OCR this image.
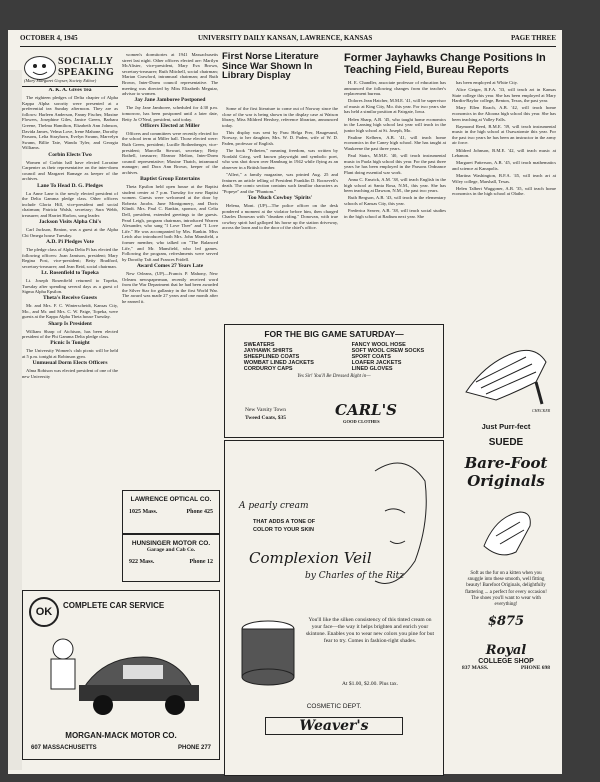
OCTOBER 4, 1945	UNIVERSITY DAILY KANSAN, LAWRENCE, KANSAS	PAGE THREE
SOCIALLY SPEAKING
(Mary Margaret Goyser, Society Editor)

A. K. A. Gives Tea

The eighteen pledges of Delta chapter of Alpha Kappa Alpha sorority were presented at a preferential tea Sunday afternoon. They are as follows: Harleen Anderson, Fanny Fischer, Maxine Flowers, Josephine Giles, Janice Green, Barbara Greene, Thelma Hamilton, Elizabeth Ann Johnson, Davida James, Velma Love, Irene Mahone, Dorothy Parsons, Lelia Strayhorn, Evelyn Swann, Marvelyn Swann, Billie Tate, Wanda Tyler, and Georgia Williams.

Corbin Elects Two

Women of Corbin hall have elected Lorraine Carpenter as their representative on the inter-dorm council and Margaret Ramage as keeper of the archives.

Lane To Head D. G. Pledges

Lu Anne Lane is the newly elected president of the Delta Gamma pledge class. Other officers include Gloria Hill, vice-president and social chairman; Patricia Walsh, secretary; Sara Webb, treasurer; and Harriet Harlow, song leader.

Jackson Visits Alpha Chi's

Carl Jackson, Beaton, was a guest at the Alpha Chi Omega house Tuesday.

A.D. Pi Pledges Vote

The pledge class of Alpha Delta Pi has elected the following officers: Joan Jamison, president; Mary Regina Post, vice-president; Betty Bradford, secretary-treasurer; and Jean Reid, social chairman.

Lt. Rosenfield to Topeka

Lt. Joseph Rosenfield returned to Topeka, Tuesday after spending several days as a guest of Sigma Alpha Epsilon.

Theta's Receive Guests

Mr. and Mrs. F. C. Winterscheidt, Kansas City, Mo., and Mr. and Mrs. C. W. Paige, Topeka, were guests at the Kappa Alpha Theta house Tuesday.

Sharp Is President

William Sharp of Atchison, has been elected president of the Phi Gamma Delta pledge class.

Picnic Is Tonight

The University Women's club picnic will be held at 5 p.m. tonight at Robinson gym.

Unmusual Dorm Elects Officers

Alma Robison was elected president of one of the new University

women's dormitories at 1941 Massachusetts street last night. Other officers elected are: Marilyn McAlister, vice-president, Mary Eva Brown, secretary-treasurer; Ruth Mitchell, social chairman; Marian Crawford, intramural chairman; and Ruth Brown, Inter-Dorm council representative. The meeting was directed by Miss Elizabeth Meguiar, advisor to women.

Jay Jane Jamboree Postponed

The Jay Jane Jamboree, scheduled for 4:30 p.m. tomorrow, has been postponed until a later date, Betty Jo O'Neal, president, said today.

Officers Elected at Miller

Officers and committees were recently elected for the school term at Miller hall. Those elected were: Ruth Green, president; Lucille Bothenberger, vice-president; Marcella Stewart, secretary; Betty Bothell, treasurer; Eleanor Melton, Inter-Dorm council representative; Maxine Thatch, intramural manager; and Dora Ann Brown, keeper of the archives.

Baptist Group Entertains

Theta Epsilon held open house at the Baptist student center at 7 p.m. Tuesday for new Baptist women. Guests were welcomed at the door by Roberta Jacobs. June Montgomery, and Doris Klindt. Mrs. Paul C. Rankin, sponsor, and Celia Dell, president, extended greetings to the guests. Pearl Leigh, program chairman, introduced Warren Alexander, who sang "I Love Thee" and "I Love Life." He was accompanied by Mrs. Rankin. Miss Leich also introduced both Mrs. John Mansfield, a former member, who talked on "The Balanced Life," and Mr. Mansfield, who led games. Following the program, refreshments were served by Dorothy Taft and Frances Fridell.

Award Comes 27 Years Late

New Orleans, (UP)—Francis P. Mahony, New Orleans newspaperman, recently received word from the War Department that he had been awarded the Silver Star for gallantry in the first World War. The award was made 27 years and one month after he earned it.

LAWRENCE OPTICAL CO.
1025 Mass.	Phone 425
HUNSINGER MOTOR CO.
Garage and Cab Co.
922 Mass.	Phone 12
OK
COMPLETE CAR SERVICE
MORGAN-MACK MOTOR CO.
607 MASSACHUSETTS	PHONE 277
First Norse Literature Since War Shown In Library Display

Some of the first literature to come out of Norway since the close of the war is being shown in the display case at Watson library, Miss Mildred Hershey, reference librarian, announced today.

This display was sent by Frau Helga Prer, Haugesund, Norway, to her daughter, Mrs. W. D. Paden, wife of W. D. Paden, professor of English.

The book "Friheten," meaning freedom, was written by Nordahl Grieg, well known playwright and symbolic poet, who was shot down over Hamburg in 1942 while flying as an observer in a British bomber.

"Allert," a family magazine, was printed Aug. 25 and features an article telling of President Franklin D. Roosevelt's death. The comic section contains such familiar characters as "Popeye" and the "Phantom."

Too Much Cowboy 'Spirits'

Helena, Mont. (UP)—The police officer on the desk pondered a moment at the violator before him, then charged Charles Donovan with "drunken riding." Donovan, with true cowboy spirit had galloped his horse up the station driveway, across the lawn and to the door of the chief's office.

Former Jayhawks Change Positions In Teaching Field, Bureau Reports

H. E. Chandler, associate professor of education has announced the following changes from the teacher's replacement bureau.

Dolores Jean Hatcher, M.M.E. '41, will be supervisor of music at King City, Mo. this year. For two years she has held a similar position at Fairgate, Iowa.

Helen Sharp, A.B. '45, who taught home economics in the Lansing high school last year will teach in the junior high school at St. Joseph, Mo.

Pauline Kelhern, A.B. '41, will teach home economics in the Caney high school. She has taught at Waukeene the past three years.

Paul Stairs, M.M.E. '40, will teach instrumental music in Paola high school this year. For the past three years he has been employed in the Parsons Ordnance Plant doing essential war work.

Anna C. Ensrick, A.M. '38, will teach English in the high school at Santa Rosa, N.M., this year. She has been teaching at Dawson, N.M., the past two years.

Ruth Bergson, A.B. '43, will teach in the elementary schools of Kansas City, this year.

Frederica Seaver, A.B. '38, will teach social studies in the high school at Radium next year. She

has been employed at White City.

Alice Geiger, B.F.A. '33, will teach art in Kansas State college this year. She has been employed at Mary Hardin-Baylor college, Benton, Texas, the past year.

Mary Ellen Roach, A.B. '42, will teach home economics in the Altoona high school this year. She has been teaching at Valley Falls.

Raymond Reed, B.M.E. '39, will teach instrumental music in the high school at Osawatomie this year. For the past two years he has been an instructor in the army air force.

Mildred Johnson, B.M.E. '42, will teach music at Lebanon.

Margaret Patterson, A.B. '45, will teach mathematics and science at Kanapolis.

Martina Washington, B.F.A. '45, will teach art at Wiley college, Marshall, Texas.

Helen Talbert Waggoner, A.B. '35, will teach home economics in the high school at Olathe.

FOR THE BIG GAME SATURDAY—
SWEATERS
JAYHAWK SHIRTS
SHEEPLINED COATS
WOMBAT LINED JACKETS
CORDUROY CAPS
FANCY WOOL HOSE
SOFT WOOL CREW SOCKS
SPORT COATS
LOAFER JACKETS
LINED GLOVES
Yes Sir! You'll Be Dressed Right in—
New Varsity Town
Tweed Coats, $35	CARL'S
GOOD CLOTHES
CHECKER
A pearly cream
THAT ADDS A TONE OF
COLOR TO YOUR SKIN
Complexion Veil
by Charles of the Ritz
You'll like the silken consistency of this tinted cream on your face—the way it helps brighten and enrich your skintone. Enables you to wear new colors you pine for but fear to try. Comes in fashion-right shades.
At $1.00, $2.00. Plus tax.
COSMETIC DEPT.
Weaver's
Just Purr-fect
SUEDE
Bare-Foot
Originals
Soft as the fur on a kitten when you snuggle into these smooth, well fitting beauty! Barefoot Originals, delightfully flattering ... a perfect for every occasion! The shoes you'll want to wear with everything!
$875
Royal
COLLEGE SHOP
837 MASS.	PHONE 698
